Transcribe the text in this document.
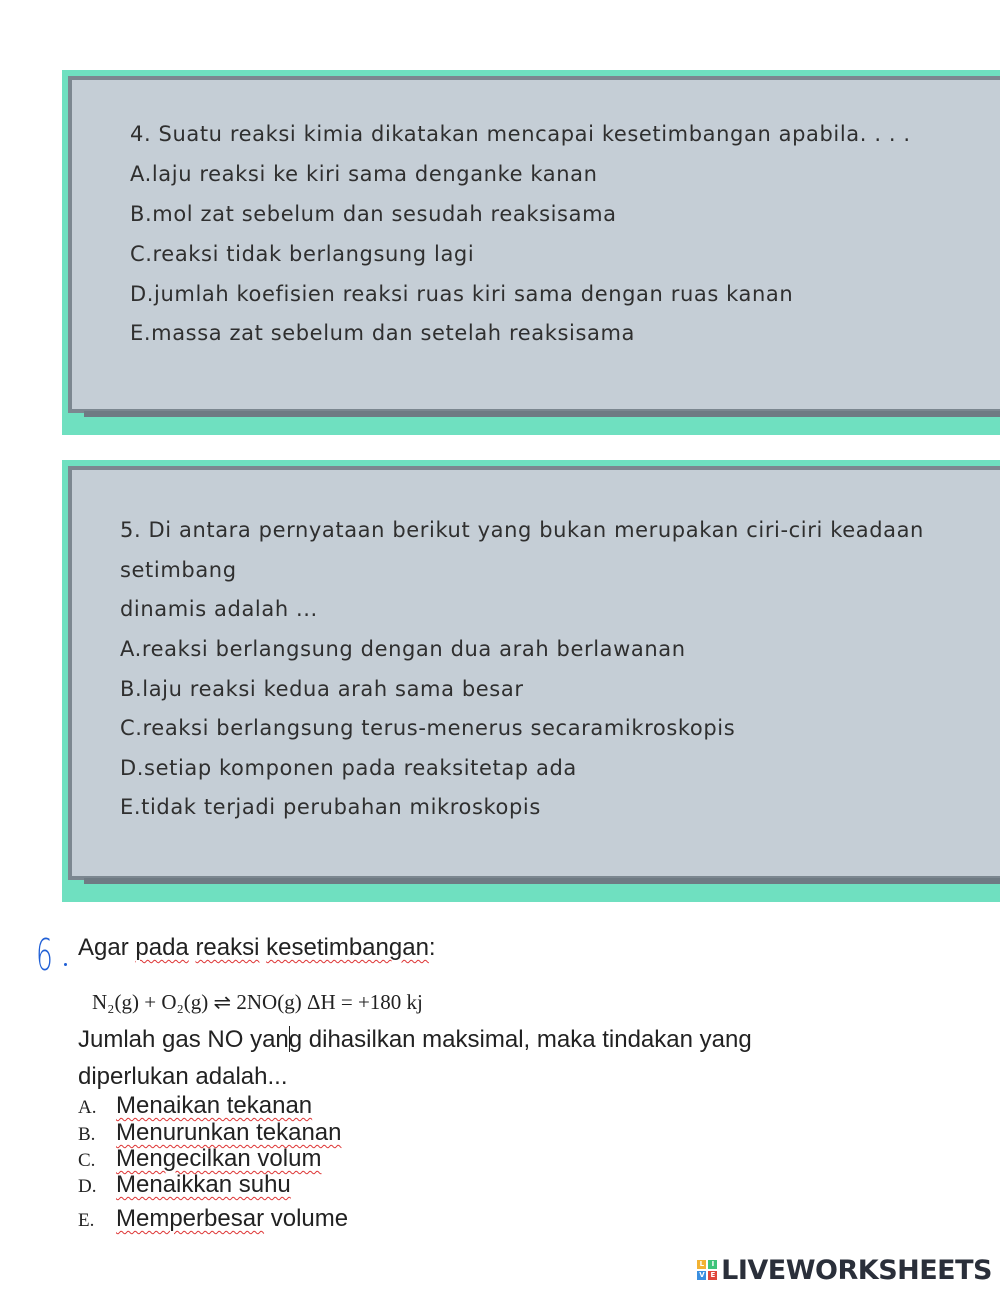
4. Suatu reaksi kimia dikatakan mencapai kesetimbangan apabila. . . .
A.laju reaksi ke kiri sama denganke kanan
B.mol zat sebelum dan sesudah reaksisama
C.reaksi tidak berlangsung lagi
D.jumlah koefisien reaksi ruas kiri sama dengan ruas kanan
E.massa zat sebelum dan setelah reaksisama
5. Di antara pernyataan berikut yang bukan merupakan ciri-ciri keadaan
setimbang
dinamis adalah ...
A.reaksi berlangsung dengan dua arah berlawanan
B.laju reaksi kedua arah sama besar
C.reaksi berlangsung terus-menerus secaramikroskopis
D.setiap komponen pada reaksitetap ada
E.tidak terjadi perubahan mikroskopis
6 Agar pada reaksi kesetimbangan:
N₂(g) + O₂(g) ⇌ 2NO(g) ΔH = +180 kj
Jumlah gas NO yang dihasilkan maksimal, maka tindakan yang
diperlukan adalah...
A. Menaikan tekanan
B. Menurunkan tekanan
C. Mengecilkan volum
D. Menaikkan suhu
E. Memperbesar volume
L	I
V E LIVEWORKSHEETS
